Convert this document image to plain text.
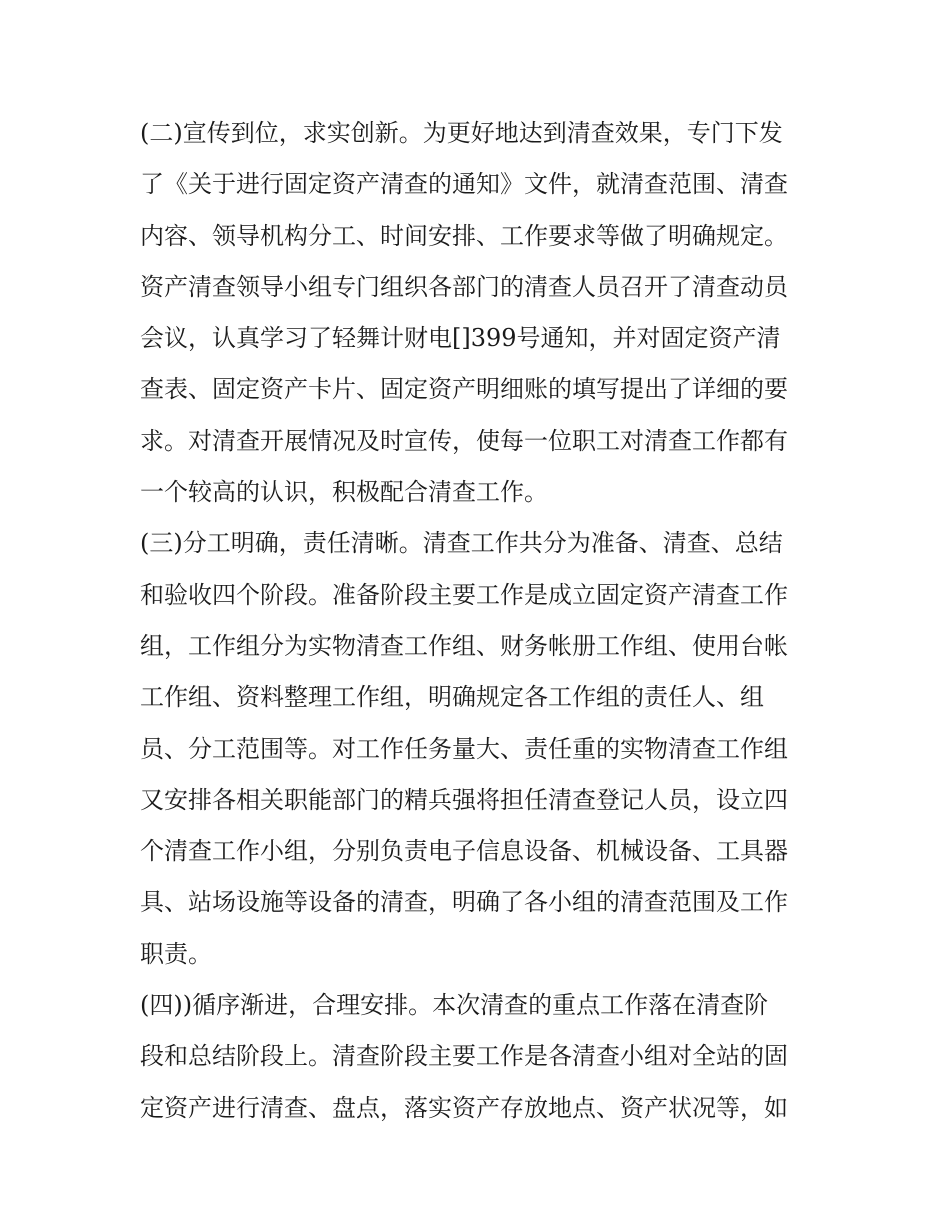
(二)宣传到位，求实创新。为更好地达到清查效果，专门下发
了《关于进行固定资产清查的通知》文件，就清查范围、清查
内容、领导机构分工、时间安排、工作要求等做了明确规定。
资产清查领导小组专门组织各部门的清查人员召开了清查动员
会议，认真学习了轻舞计财电[]399号通知，并对固定资产清
查表、固定资产卡片、固定资产明细账的填写提出了详细的要
求。对清查开展情况及时宣传，使每一位职工对清查工作都有
一个较高的认识，积极配合清查工作。
(三)分工明确，责任清晰。清查工作共分为准备、清查、总结
和验收四个阶段。准备阶段主要工作是成立固定资产清查工作
组，工作组分为实物清查工作组、财务帐册工作组、使用台帐
工作组、资料整理工作组，明确规定各工作组的责任人、组
员、分工范围等。对工作任务量大、责任重的实物清查工作组
又安排各相关职能部门的精兵强将担任清查登记人员，设立四
个清查工作小组，分别负责电子信息设备、机械设备、工具器
具、站场设施等设备的清查，明确了各小组的清查范围及工作
职责。
(四))循序渐进，合理安排。本次清查的重点工作落在清查阶
段和总结阶段上。清查阶段主要工作是各清查小组对全站的固
定资产进行清查、盘点，落实资产存放地点、资产状况等，如
